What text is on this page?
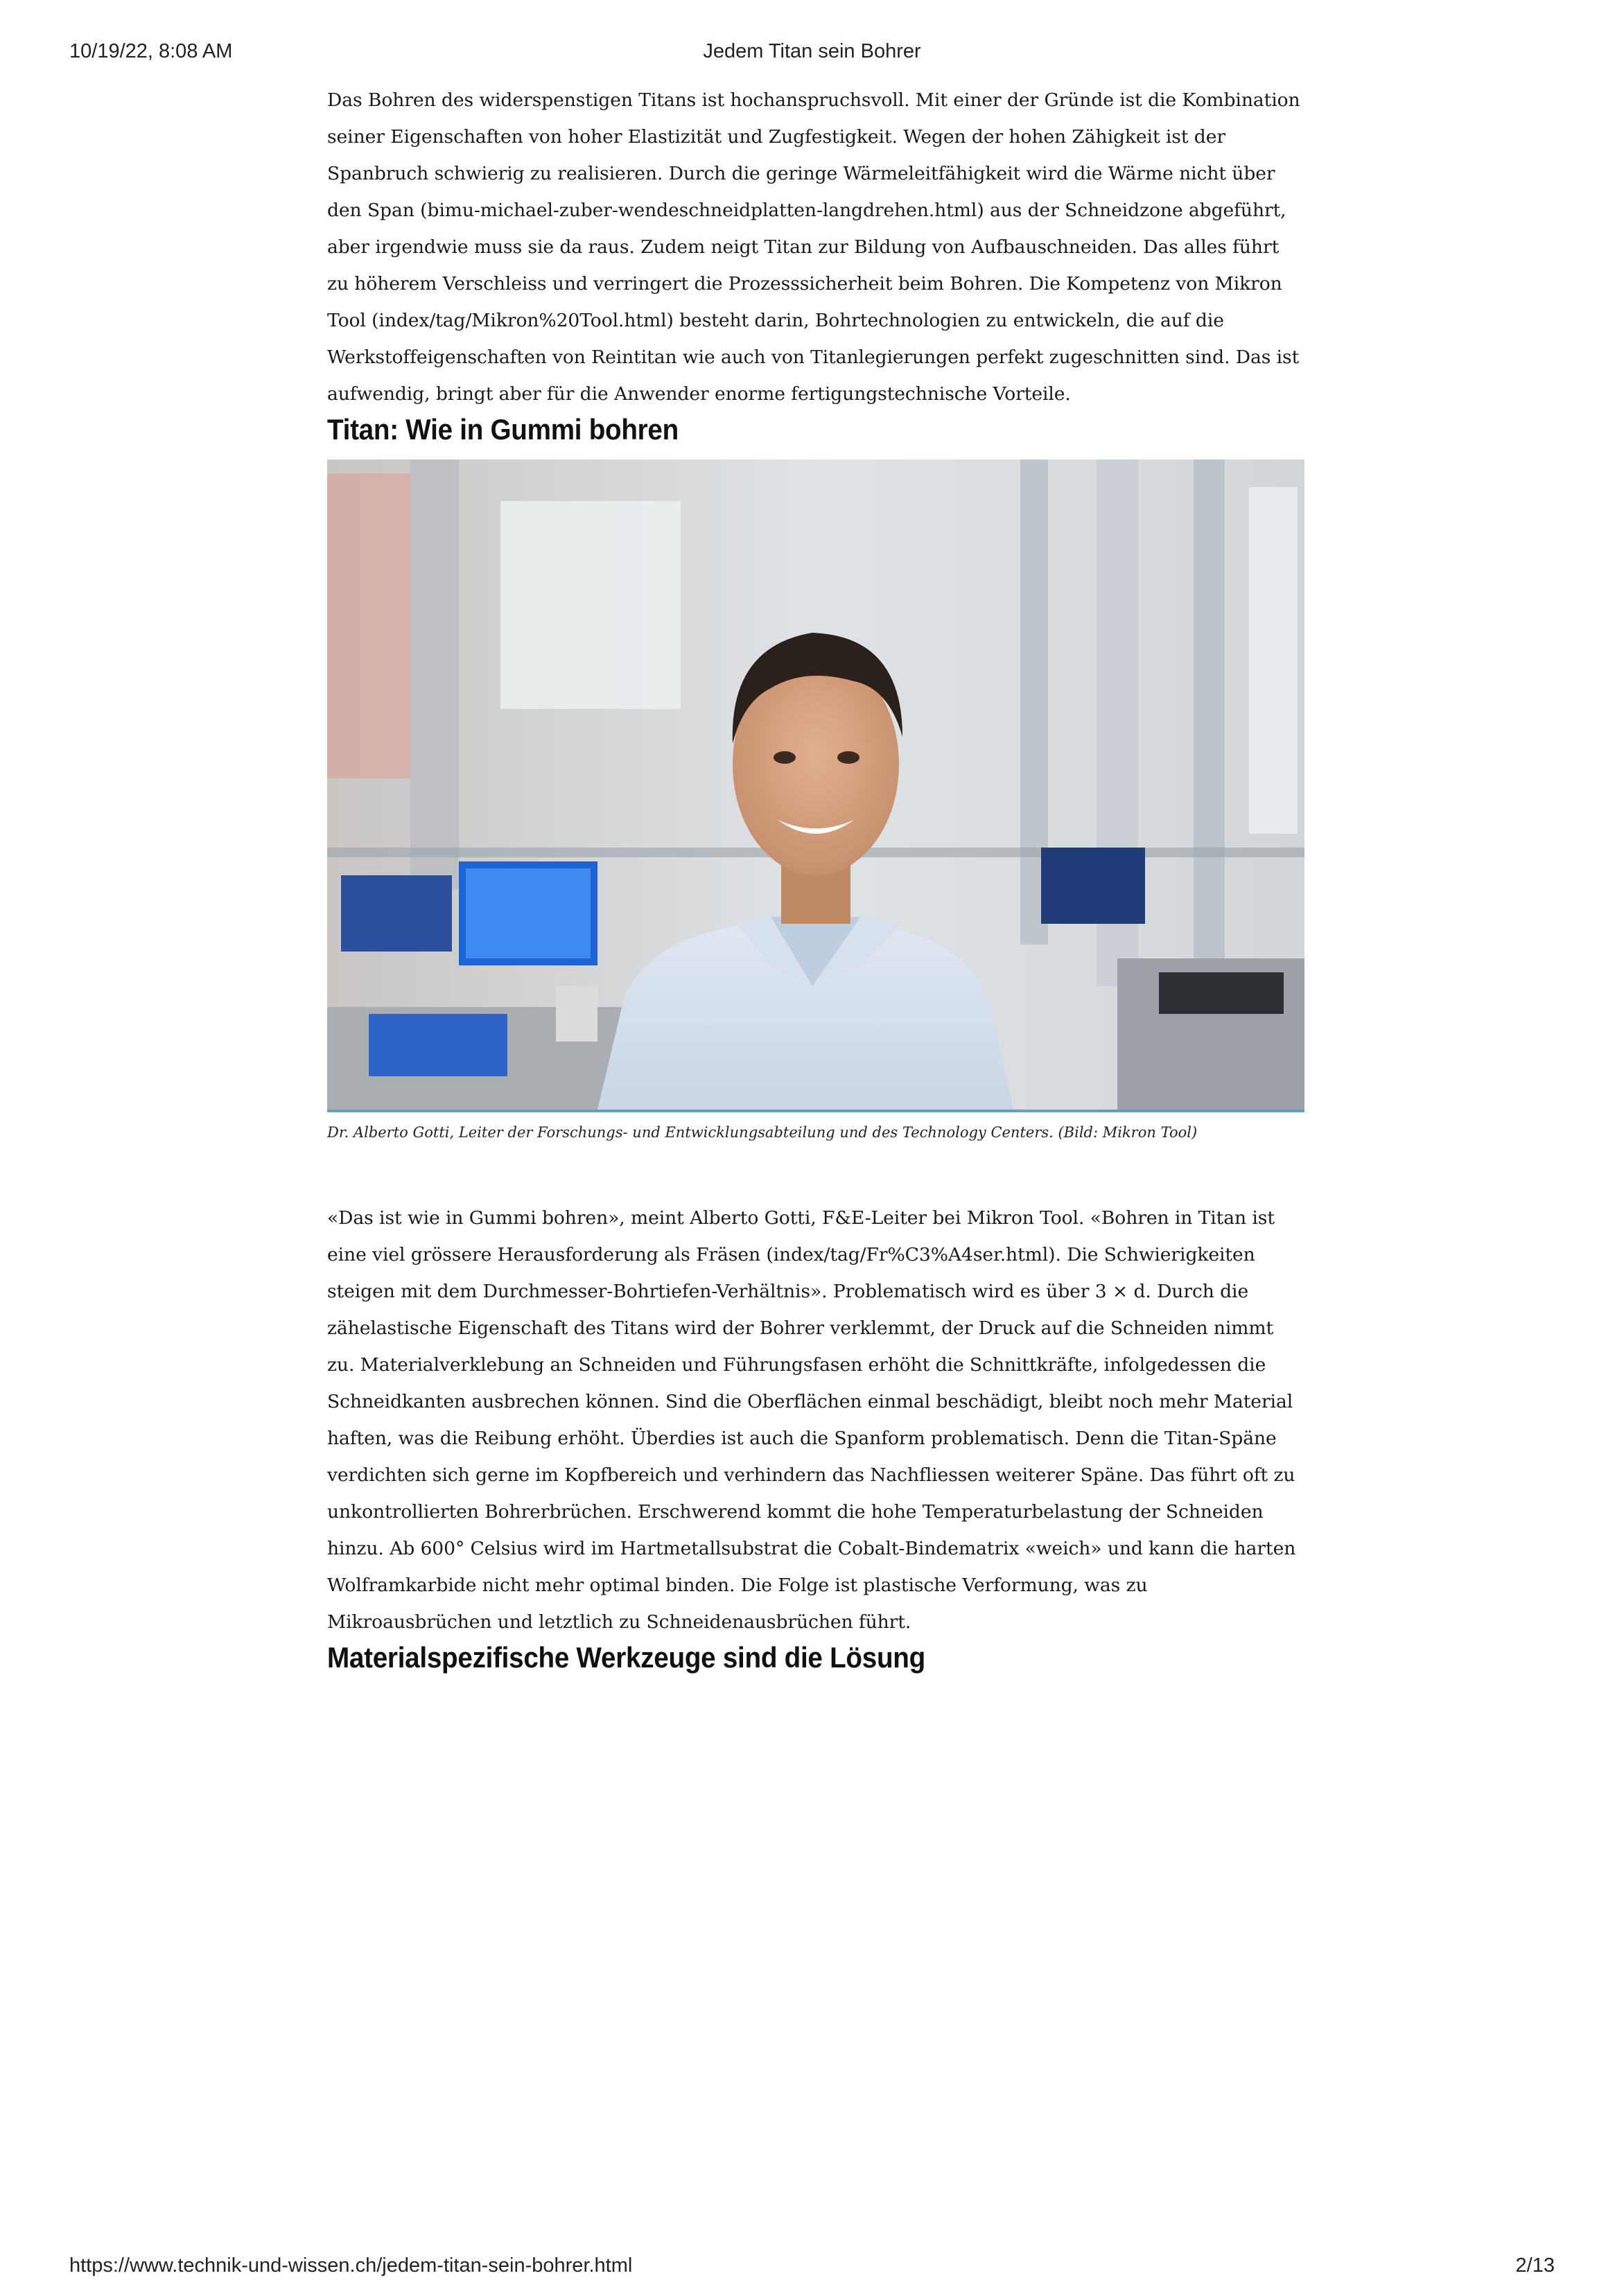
10/19/22, 8:08 AM	Jedem Titan sein Bohrer

Das Bohren des widerspenstigen Titans ist hochanspruchsvoll. Mit einer der Gründe ist die Kombination seiner Eigenschaften von hoher Elastizität und Zugfestigkeit. Wegen der hohen Zähigkeit ist der Spanbruch schwierig zu realisieren. Durch die geringe Wärmeleitfähigkeit wird die Wärme nicht über den Span (bimu-michael-zuber-wendeschneidplatten-langdrehen.html) aus der Schneidzone abgeführt, aber irgendwie muss sie da raus. Zudem neigt Titan zur Bildung von Aufbauschneiden. Das alles führt zu höherem Verschleiss und verringert die Prozesssicherheit beim Bohren. Die Kompetenz von Mikron Tool (index/tag/Mikron%20Tool.html) besteht darin, Bohrtechnologien zu entwickeln, die auf die Werkstoffeigenschaften von Reintitan wie auch von Titanlegierungen perfekt zugeschnitten sind. Das ist aufwendig, bringt aber für die Anwender enorme fertigungstechnische Vorteile.

Titan: Wie in Gummi bohren

Dr. Alberto Gotti, Leiter der Forschungs- und Entwicklungsabteilung und des Technology Centers. (Bild: Mikron Tool)

«Das ist wie in Gummi bohren», meint Alberto Gotti, F&E-Leiter bei Mikron Tool. «Bohren in Titan ist eine viel grössere Herausforderung als Fräsen (index/tag/Fr%C3%A4ser.html). Die Schwierigkeiten steigen mit dem Durchmesser-Bohrtiefen-Verhältnis». Problematisch wird es über 3 × d. Durch die zähelastische Eigenschaft des Titans wird der Bohrer verklemmt, der Druck auf die Schneiden nimmt zu. Materialverklebung an Schneiden und Führungsfasen erhöht die Schnittkräfte, infolgedessen die Schneidkanten ausbrechen können. Sind die Oberflächen einmal beschädigt, bleibt noch mehr Material haften, was die Reibung erhöht. Überdies ist auch die Spanform problematisch. Denn die Titan-Späne verdichten sich gerne im Kopfbereich und verhindern das Nachfliessen weiterer Späne. Das führt oft zu unkontrollierten Bohrerbrüchen. Erschwerend kommt die hohe Temperaturbelastung der Schneiden hinzu. Ab 600° Celsius wird im Hartmetallsubstrat die Cobalt-Bindematrix «weich» und kann die harten Wolframkarbide nicht mehr optimal binden. Die Folge ist plastische Verformung, was zu Mikroausbrüchen und letztlich zu Schneidenausbrüchen führt.

Materialspezifische Werkzeuge sind die Lösung
https://www.technik-und-wissen.ch/jedem-titan-sein-bohrer.html	2/13
